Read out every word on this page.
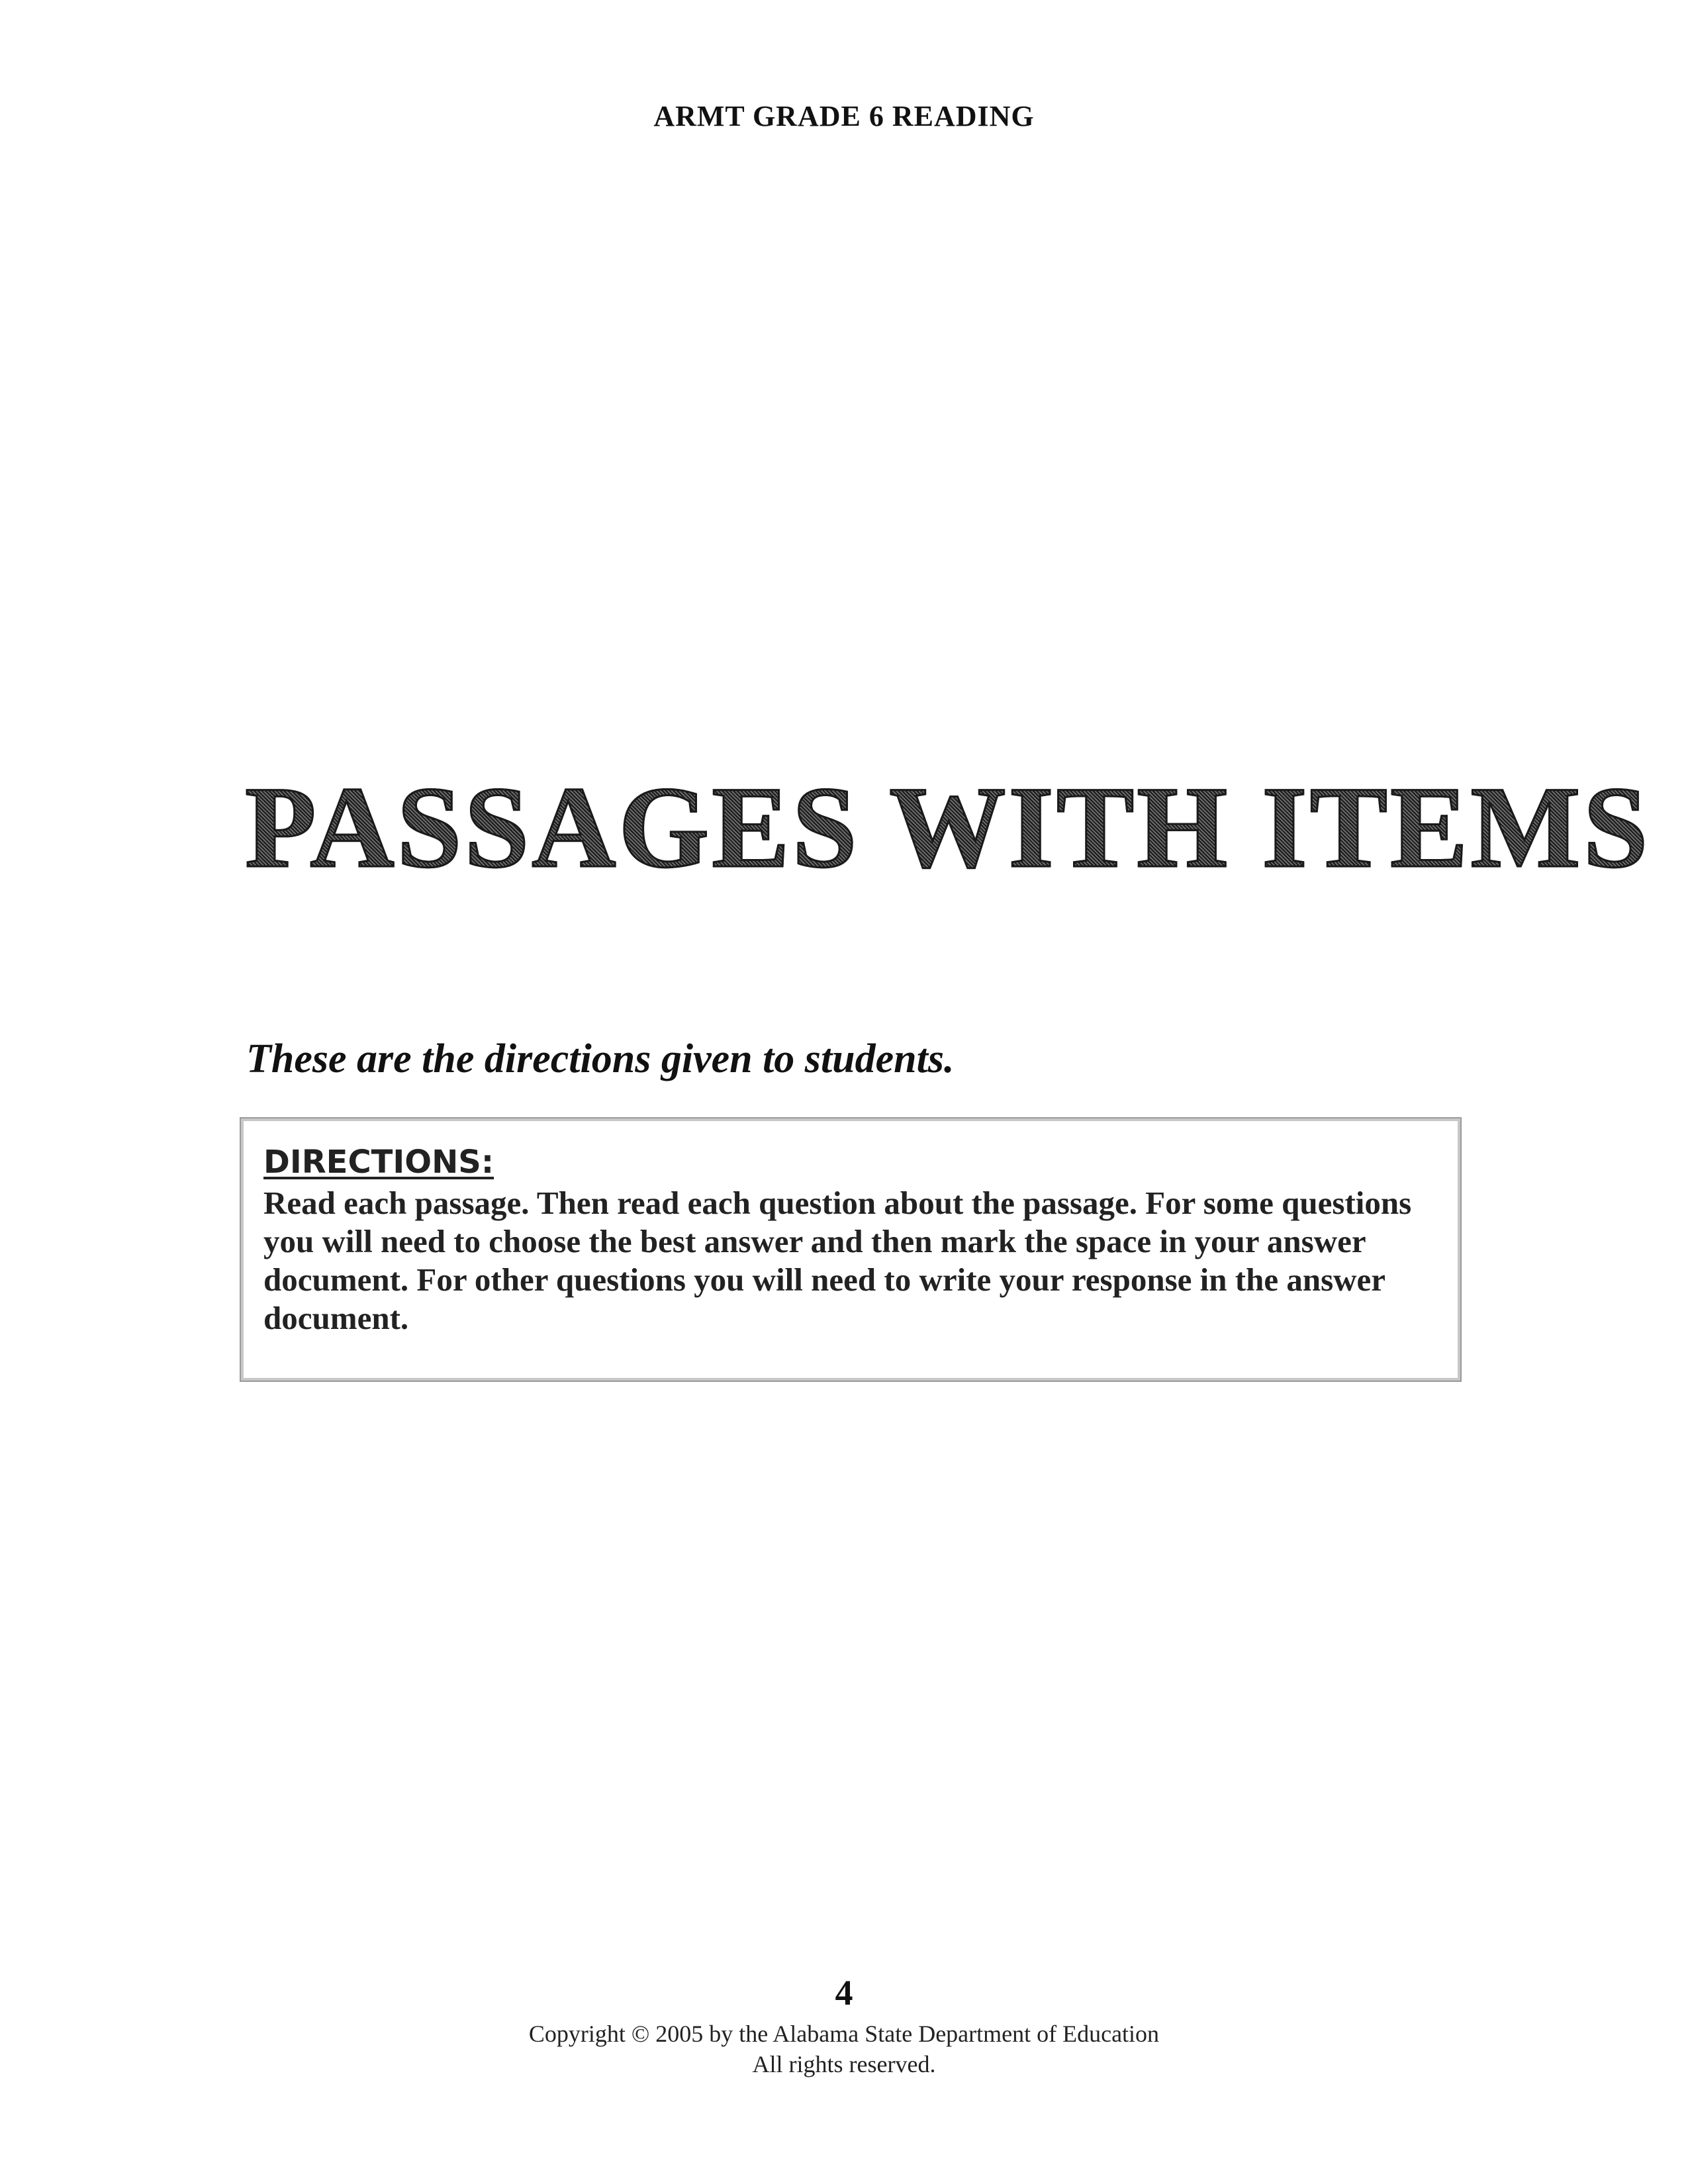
ARMT GRADE 6 READING
PASSAGES WITH ITEMS
These are the directions given to students.
DIRECTIONS:

Read each passage. Then read each question about the passage. For some questions you will need to choose the best answer and then mark the space in your answer document. For other questions you will need to write your response in the answer document.

4
Copyright © 2005 by the Alabama State Department of Education
All rights reserved.
